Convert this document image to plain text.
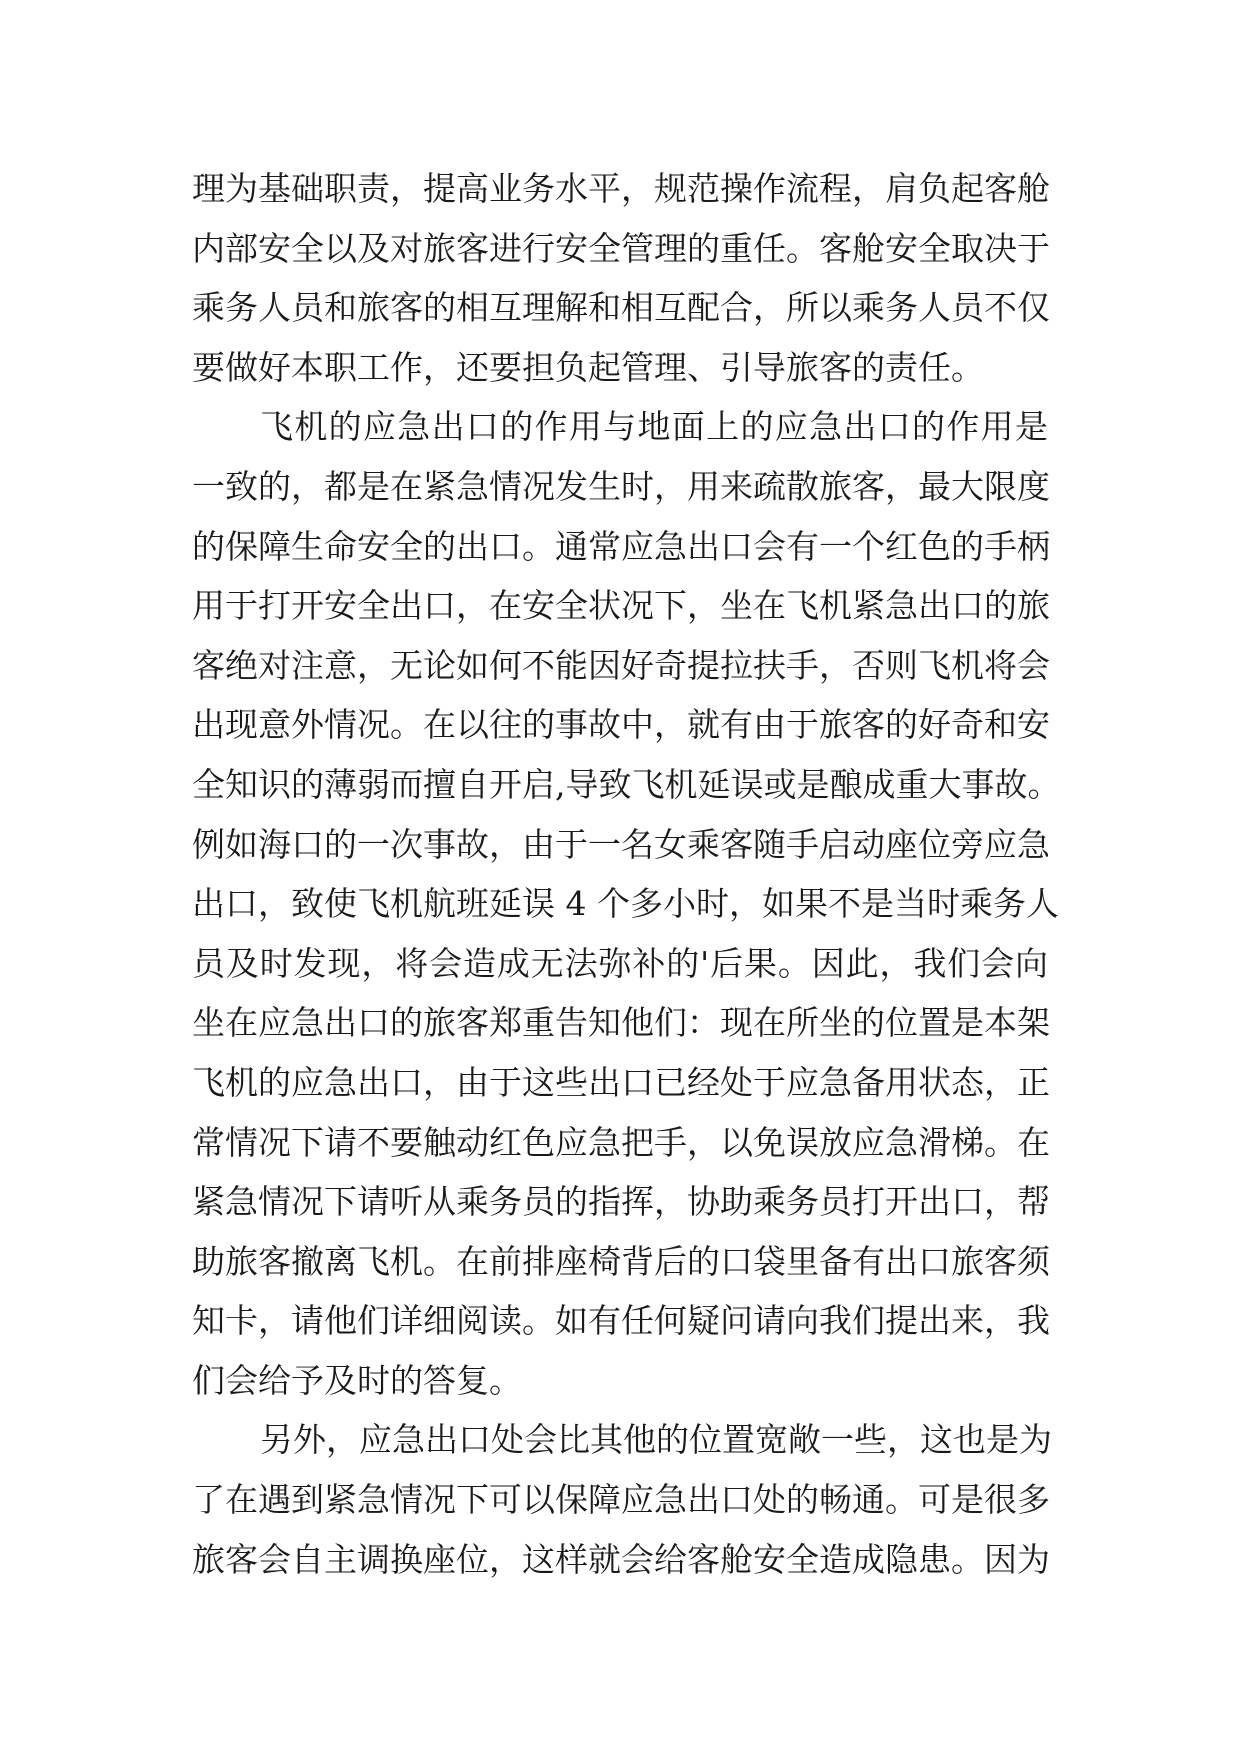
理为基础职责，提高业务水平，规范操作流程，肩负起客舱
内部安全以及对旅客进行安全管理的重任。客舱安全取决于
乘务人员和旅客的相互理解和相互配合，所以乘务人员不仅
要做好本职工作，还要担负起管理、引导旅客的责任。
飞机的应急出口的作用与地面上的应急出口的作用是
一致的，都是在紧急情况发生时，用来疏散旅客，最大限度
的保障生命安全的出口。通常应急出口会有一个红色的手柄
用于打开安全出口，在安全状况下，坐在飞机紧急出口的旅
客绝对注意，无论如何不能因好奇提拉扶手，否则飞机将会
出现意外情况。在以往的事故中，就有由于旅客的好奇和安
全知识的薄弱而擅自开启,导致飞机延误或是酿成重大事故。
例如海口的一次事故，由于一名女乘客随手启动座位旁应急
出口，致使飞机航班延误 4 个多小时，如果不是当时乘务人
员及时发现，将会造成无法弥补的'后果。因此，我们会向
坐在应急出口的旅客郑重告知他们：现在所坐的位置是本架
飞机的应急出口，由于这些出口已经处于应急备用状态，正
常情况下请不要触动红色应急把手，以免误放应急滑梯。在
紧急情况下请听从乘务员的指挥，协助乘务员打开出口，帮
助旅客撤离飞机。在前排座椅背后的口袋里备有出口旅客须
知卡，请他们详细阅读。如有任何疑问请向我们提出来，我
们会给予及时的答复。
另外，应急出口处会比其他的位置宽敞一些，这也是为
了在遇到紧急情况下可以保障应急出口处的畅通。可是很多
旅客会自主调换座位，这样就会给客舱安全造成隐患。因为
